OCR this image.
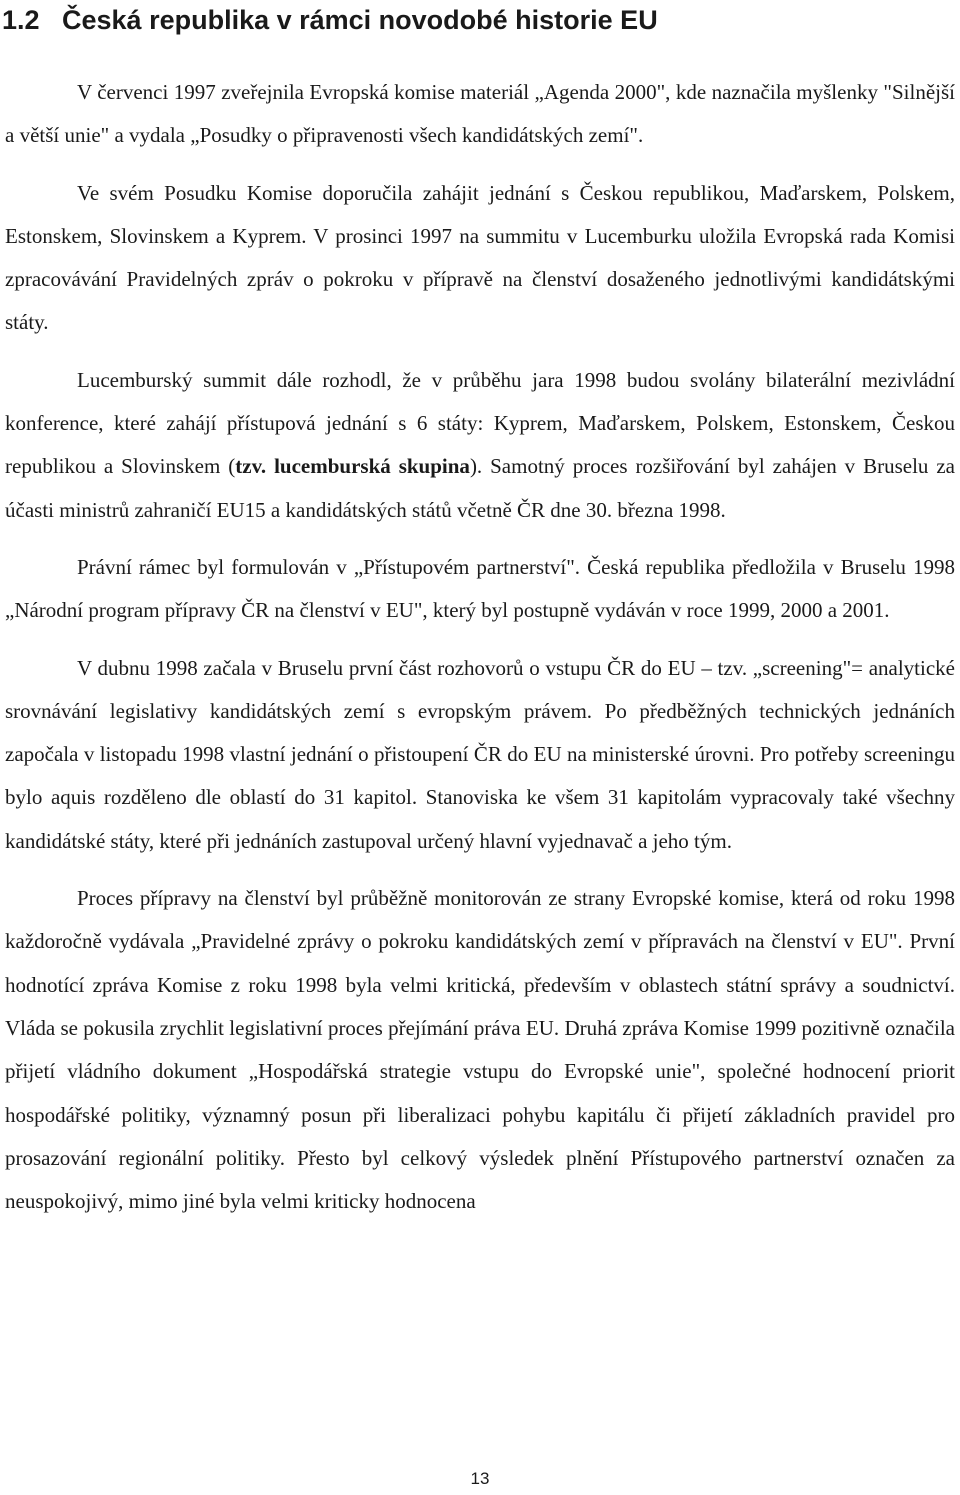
1.2 Česká republika v rámci novodobé historie EU

V červenci 1997 zveřejnila Evropská komise materiál „Agenda 2000", kde naznačila myšlenky "Silnější a větší unie" a vydala „Posudky o připravenosti všech kandidátských zemí".

Ve svém Posudku Komise doporučila zahájit jednání s Českou republikou, Maďarskem, Polskem, Estonskem, Slovinskem a Kyprem. V prosinci 1997 na summitu v Lucemburku uložila Evropská rada Komisi zpracovávání Pravidelných zpráv o pokroku v přípravě na členství dosaženého jednotlivými kandidátskými státy.

Lucemburský summit dále rozhodl, že v průběhu jara 1998 budou svolány bilaterální mezivládní konference, které zahájí přístupová jednání s 6 státy: Kyprem, Maďarskem, Polskem, Estonskem, Českou republikou a Slovinskem (tzv. lucemburská skupina). Samotný proces rozšiřování byl zahájen v Bruselu za účasti ministrů zahraničí EU15 a kandidátských států včetně ČR dne 30. března 1998.

Právní rámec byl formulován v „Přístupovém partnerství". Česká republika předložila v Bruselu 1998 „Národní program přípravy ČR na členství v EU", který byl postupně vydáván v roce 1999, 2000 a 2001.

V dubnu 1998 začala v Bruselu první část rozhovorů o vstupu ČR do EU – tzv. „screening"= analytické srovnávání legislativy kandidátských zemí s evropským právem. Po předběžných technických jednáních započala v listopadu 1998 vlastní jednání o přistoupení ČR do EU na ministerské úrovni. Pro potřeby screeningu bylo aquis rozděleno dle oblastí do 31 kapitol. Stanoviska ke všem 31 kapitolám vypracovaly také všechny kandidátské státy, které při jednáních zastupoval určený hlavní vyjednavač a jeho tým.

Proces přípravy na členství byl průběžně monitorován ze strany Evropské komise, která od roku 1998 každoročně vydávala „Pravidelné zprávy o pokroku kandidátských zemí v přípravách na členství v EU". První hodnotící zpráva Komise z roku 1998 byla velmi kritická, především v oblastech státní správy a soudnictví. Vláda se pokusila zrychlit legislativní proces přejímání práva EU. Druhá zpráva Komise 1999 pozitivně označila přijetí vládního dokument „Hospodářská strategie vstupu do Evropské unie", společné hodnocení priorit hospodářské politiky, významný posun při liberalizaci pohybu kapitálu či přijetí základních pravidel pro prosazování regionální politiky. Přesto byl celkový výsledek plnění Přístupového partnerství označen za neuspokojivý, mimo jiné byla velmi kriticky hodnocena

13
